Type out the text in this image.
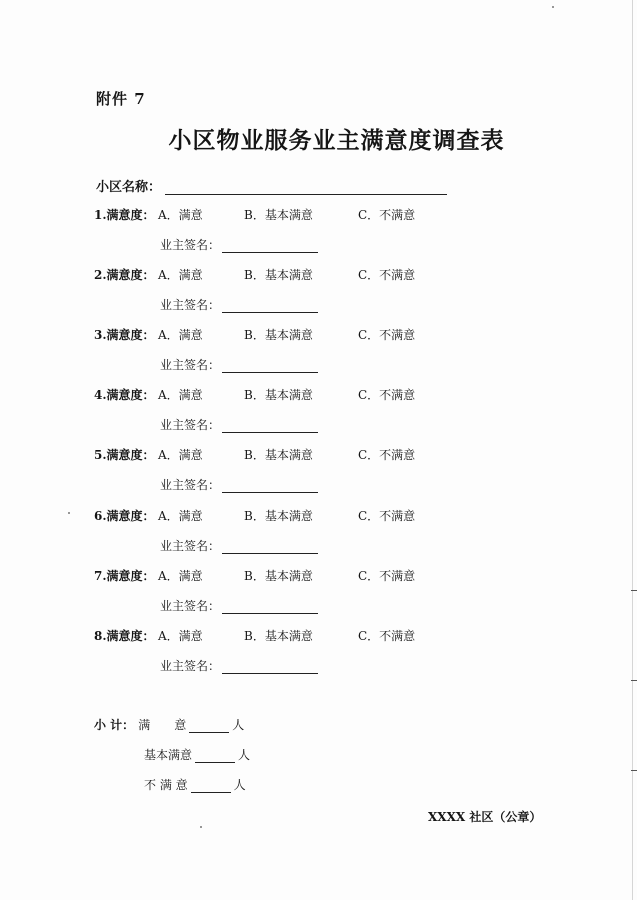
附件 7
小区物业服务业主满意度调查表
小区名称：
1.满意度： A．满意	B．基本满意	C．不满意
业主签名：
2.满意度： A．满意	B．基本满意	C．不满意
业主签名：
3.满意度： A．满意	B．基本满意	C．不满意
业主签名：
4.满意度： A．满意	B．基本满意	C．不满意
业主签名：
5.满意度： A．满意	B．基本满意	C．不满意
业主签名：
6.满意度： A．满意	B．基本满意	C．不满意
业主签名：
7.满意度： A．满意	B．基本满意	C．不满意
业主签名：
8.满意度： A．满意	B．基本满意	C．不满意
业主签名：
小 计： 满　　意	人
基本满意	人
不 满 意	人
XXXX 社区（公章）
